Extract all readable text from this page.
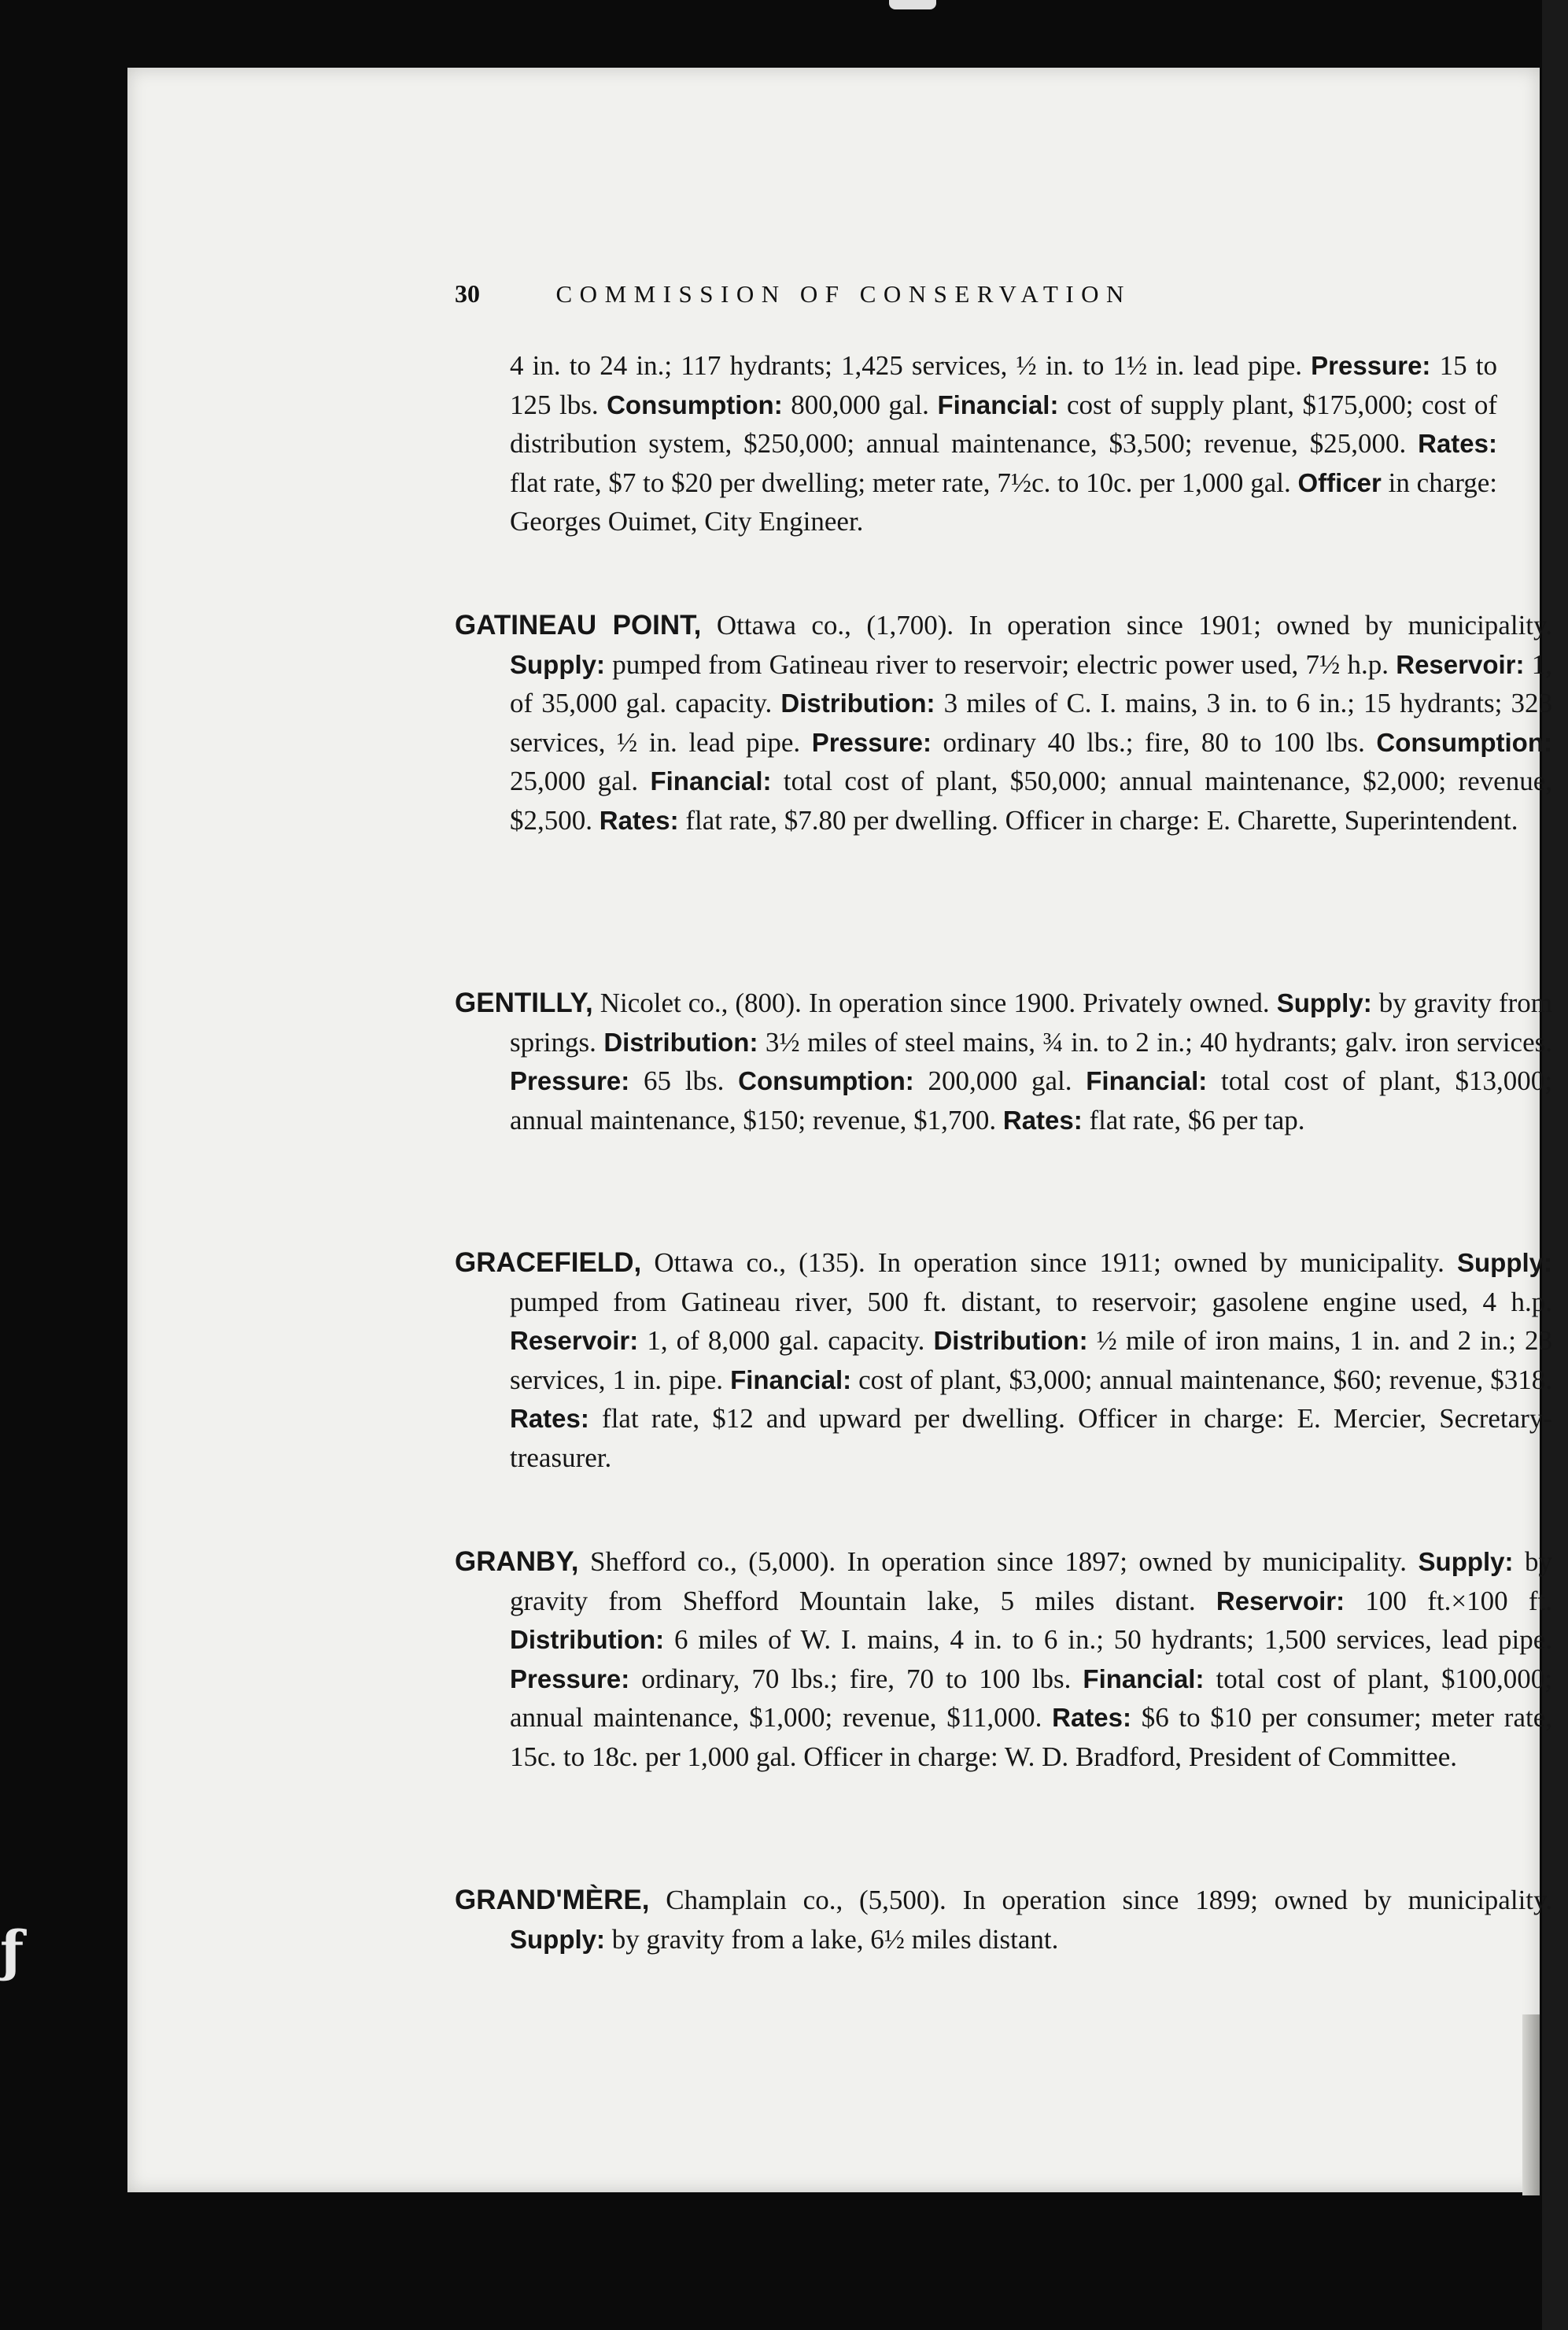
ƒ
30	COMMISSION OF CONSERVATION
4 in. to 24 in.; 117 hydrants; 1,425 services, ½ in. to 1½ in. lead pipe. Pressure: 15 to 125 lbs. Consumption: 800,000 gal. Financial: cost of supply plant, $175,000; cost of distribution system, $250,000; annual maintenance, $3,500; revenue, $25,000. Rates: flat rate, $7 to $20 per dwelling; meter rate, 7½c. to 10c. per 1,000 gal. Officer in charge: Georges Ouimet, City Engineer.
GATINEAU POINT, Ottawa co., (1,700). In operation since 1901; owned by municipality. Supply: pumped from Gatineau river to reservoir; electric power used, 7½ h.p. Reservoir: 1, of 35,000 gal. capacity. Distribution: 3 miles of C. I. mains, 3 in. to 6 in.; 15 hydrants; 323 services, ½ in. lead pipe. Pressure: ordinary 40 lbs.; fire, 80 to 100 lbs. Consumption: 25,000 gal. Financial: total cost of plant, $50,000; annual maintenance, $2,000; revenue, $2,500. Rates: flat rate, $7.80 per dwelling. Officer in charge: E. Charette, Superintendent.
GENTILLY, Nicolet co., (800). In operation since 1900. Privately owned. Supply: by gravity from springs. Distribution: 3½ miles of steel mains, ¾ in. to 2 in.; 40 hydrants; galv. iron services. Pressure: 65 lbs. Consumption: 200,000 gal. Financial: total cost of plant, $13,000; annual maintenance, $150; revenue, $1,700. Rates: flat rate, $6 per tap.
GRACEFIELD, Ottawa co., (135). In operation since 1911; owned by municipality. Supply: pumped from Gatineau river, 500 ft. distant, to reservoir; gasolene engine used, 4 h.p. Reservoir: 1, of 8,000 gal. capacity. Distribution: ½ mile of iron mains, 1 in. and 2 in.; 23 services, 1 in. pipe. Financial: cost of plant, $3,000; annual maintenance, $60; revenue, $318. Rates: flat rate, $12 and upward per dwelling. Officer in charge: E. Mercier, Secretary-treasurer.
GRANBY, Shefford co., (5,000). In operation since 1897; owned by municipality. Supply: by gravity from Shefford Mountain lake, 5 miles distant. Reservoir: 100 ft.×100 ft. Distribution: 6 miles of W. I. mains, 4 in. to 6 in.; 50 hydrants; 1,500 services, lead pipe. Pressure: ordinary, 70 lbs.; fire, 70 to 100 lbs. Financial: total cost of plant, $100,000; annual maintenance, $1,000; revenue, $11,000. Rates: $6 to $10 per consumer; meter rate, 15c. to 18c. per 1,000 gal. Officer in charge: W. D. Bradford, President of Committee.
GRAND'MÈRE, Champlain co., (5,500). In operation since 1899; owned by municipality. Supply: by gravity from a lake, 6½ miles distant.
